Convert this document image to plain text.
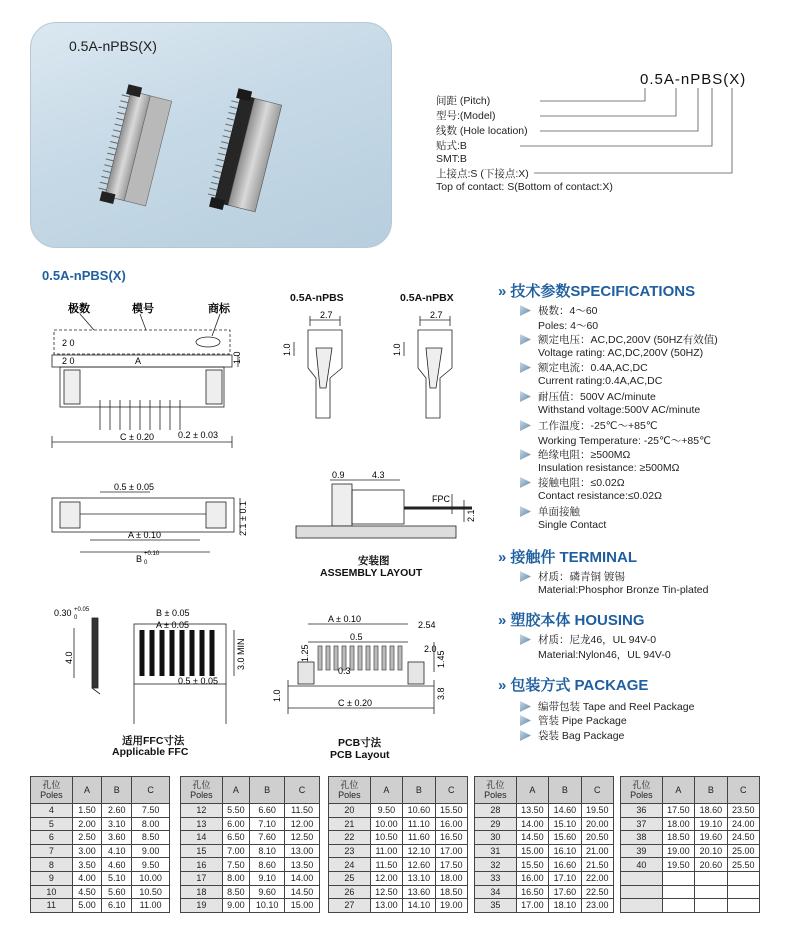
0.5A-nPBS(X)
0.5A-nPBS(X)
间距 (Pitch)
型号:(Model)
线数 (Hole location)
贴式:B
SMT:B
上接点:S (下接点:X)
Top of contact: S(Bottom of contact:X)
0.5A-nPBS(X)
极数	模号	商标
2 0
2 0	A
C ± 0.20	0.2 ± 0.03
1.0
0.5 ± 0.05
A ± 0.10
B +0.10
0
2.1 ± 0.1
0.5A-nPBS	0.5A-nPBX
2.7	2.7
1.0	1.0
0.9	4.3
FPC
2.1
安装图
ASSEMBLY LAYOUT
0.30 +0.05
0
4.0
B ± 0.05
A ± 0.05
3.0 MIN
0.5 ± 0.05
适用FFC寸法
Applicable FFC
A ± 0.10
2.54
1.25
0.5
2.0
1.45
0.3
3.8
1.0
C ± 0.20
PCB寸法
PCB Layout
» 技术参数SPECIFICATIONS
极数：4～60
Poles: 4～60
额定电压：AC,DC,200V (50HZ有效值)
Voltage rating: AC,DC,200V (50HZ)
额定电流：0.4A,AC,DC
Current rating:0.4A,AC,DC
耐压值：500V AC/minute
Withstand voltage:500V AC/minute
工作温度：-25℃～+85℃
Working Temperature: -25℃～+85℃
绝缘电阻：≥500MΩ
Insulation resistance: ≥500MΩ
接触电阻：≤0.02Ω
Contact resistance:≤0.02Ω
单面接触
Single Contact
» 接触件 TERMINAL
材质：磷青铜 镀锡
Material:Phosphor Bronze Tin-plated
» 塑胶本体 HOUSING
材质：尼龙46，UL 94V-0
Material:Nylon46，UL 94V-0
» 包装方式 PACKAGE
编带包装 Tape and Reel Package
管装 Pipe Package
袋装 Bag Package
孔位
Poles	A	B	C
4	1.50	2.60	7.50
5	2.00	3.10	8.00
6	2.50	3.60	8.50
7	3.00	4.10	9.00
8	3.50	4.60	9.50
9	4.00	5.10	10.00
10	4.50	5.60	10.50
11	5.00	6.10	11.00
孔位
Poles	A	B	C
12	5.50	6.60	11.50
13	6.00	7.10	12.00
14	6.50	7.60	12.50
15	7.00	8.10	13.00
16	7.50	8.60	13.50
17	8.00	9.10	14.00
18	8.50	9.60	14.50
19	9.00	10.10	15.00
孔位
Poles	A	B	C
20	9.50	10.60	15.50
21	10.00	11.10	16.00
22	10.50	11.60	16.50
23	11.00	12.10	17.00
24	11.50	12.60	17.50
25	12.00	13.10	18.00
26	12.50	13.60	18.50
27	13.00	14.10	19.00
孔位
Poles	A	B	C
28	13.50	14.60	19.50
29	14.00	15.10	20.00
30	14.50	15.60	20.50
31	15.00	16.10	21.00
32	15.50	16.60	21.50
33	16.00	17.10	22.00
34	16.50	17.60	22.50
35	17.00	18.10	23.00
孔位
Poles	A	B	C
36	17.50	18.60	23.50
37	18.00	19.10	24.00
38	18.50	19.60	24.50
39	19.00	20.10	25.00
40	19.50	20.60	25.50
